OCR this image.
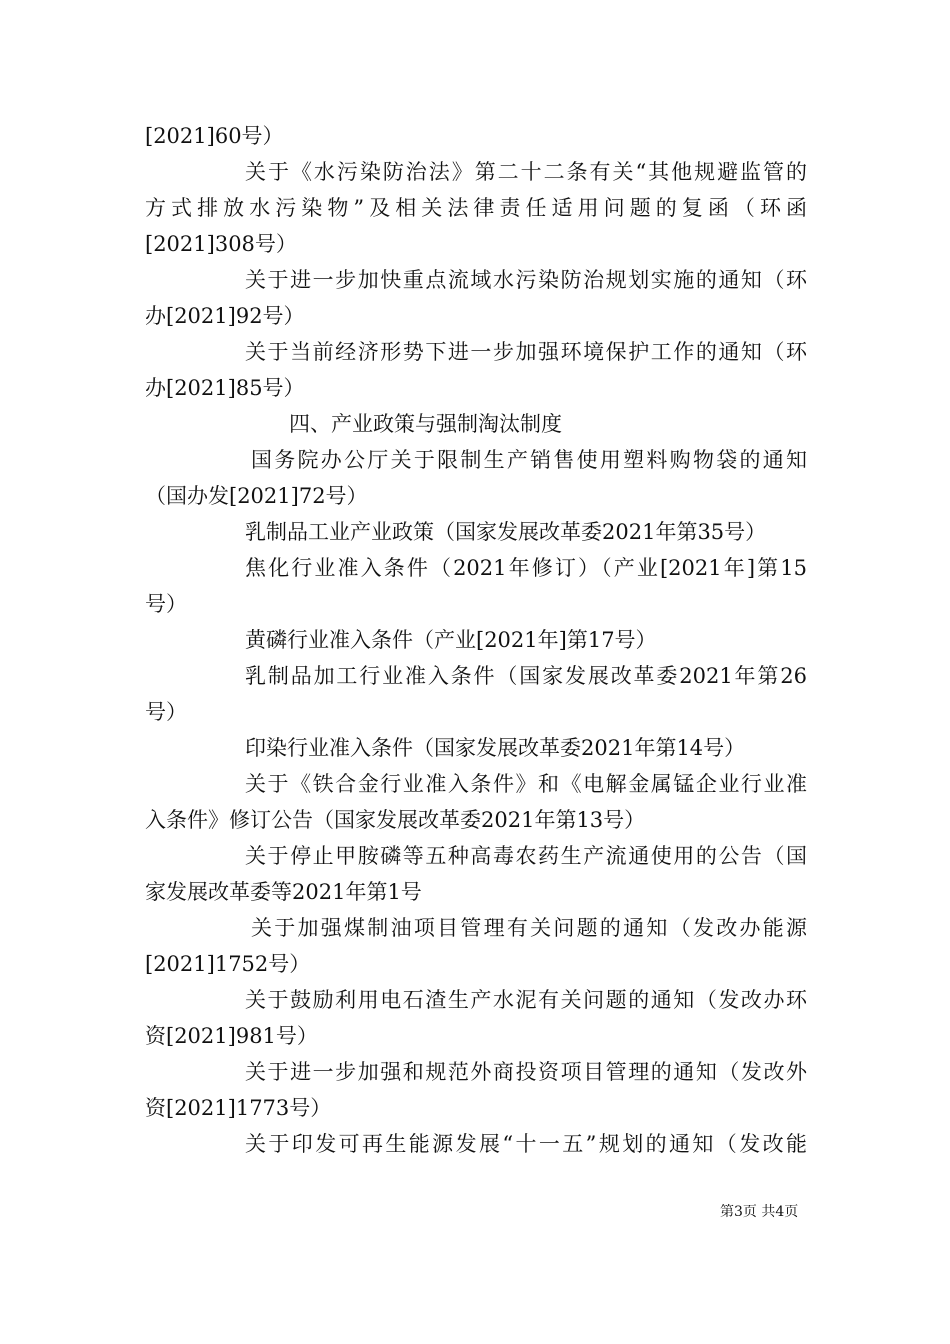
[2021]60号）
关于《水污染防治法》第二十二条有关“其他规避监管的
方式排放水污染物”及相关法律责任适用问题的复函（环函
[2021]308号）
关于进一步加快重点流域水污染防治规划实施的通知（环
办[2021]92号）
关于当前经济形势下进一步加强环境保护工作的通知（环
办[2021]85号）
四、产业政策与强制淘汰制度
国务院办公厅关于限制生产销售使用塑料购物袋的通知
（国办发[2021]72号）
乳制品工业产业政策（国家发展改革委2021年第35号）
焦化行业准入条件（2021年修订）（产业[2021年]第15
号）
黄磷行业准入条件（产业[2021年]第17号）
乳制品加工行业准入条件（国家发展改革委2021年第26
号）
印染行业准入条件（国家发展改革委2021年第14号）
关于《铁合金行业准入条件》和《电解金属锰企业行业准
入条件》修订公告（国家发展改革委2021年第13号）
关于停止甲胺磷等五种高毒农药生产流通使用的公告（国
家发展改革委等2021年第1号
关于加强煤制油项目管理有关问题的通知（发改办能源
[2021]1752号）
关于鼓励利用电石渣生产水泥有关问题的通知（发改办环
资[2021]981号）
关于进一步加强和规范外商投资项目管理的通知（发改外
资[2021]1773号）
关于印发可再生能源发展“十一五”规划的通知（发改能
第3页 共4页
